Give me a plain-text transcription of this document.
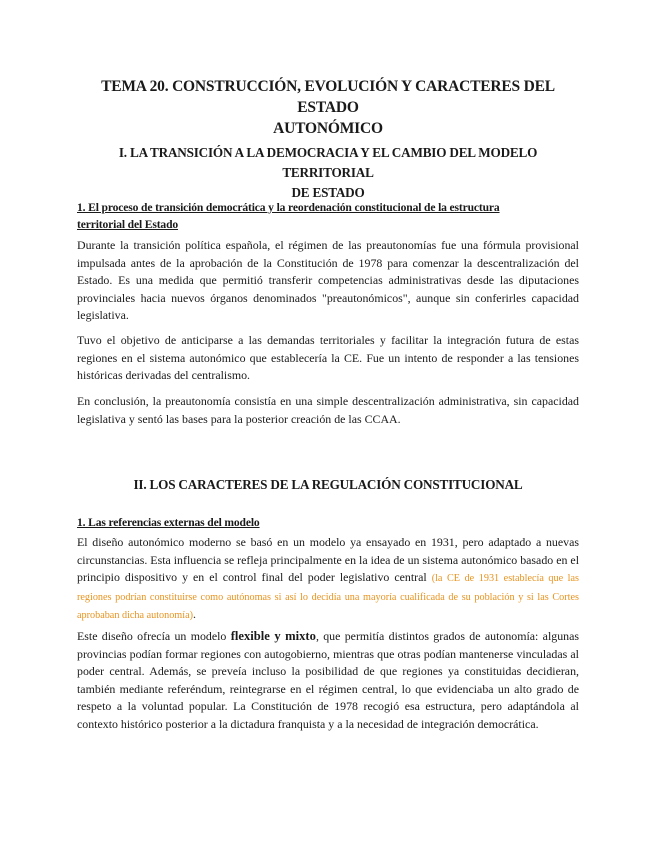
TEMA 20. CONSTRUCCIÓN, EVOLUCIÓN Y CARACTERES DEL ESTADO
AUTONÓMICO
I. LA TRANSICIÓN A LA DEMOCRACIA Y EL CAMBIO DEL MODELO TERRITORIAL
DE ESTADO
1. El proceso de transición democrática y la reordenación constitucional de la estructura
territorial del Estado

Durante la transición política española, el régimen de las preautonomías fue una fórmula provisional impulsada antes de la aprobación de la Constitución de 1978 para comenzar la descentralización del Estado. Es una medida que permitió transferir competencias administrativas desde las diputaciones provinciales hacia nuevos órganos denominados "preautonómicos", aunque sin conferirles capacidad legislativa.

Tuvo el objetivo de anticiparse a las demandas territoriales y facilitar la integración futura de estas regiones en el sistema autonómico que establecería la CE. Fue un intento de responder a las tensiones históricas derivadas del centralismo.

En conclusión, la preautonomía consistía en una simple descentralización administrativa, sin capacidad legislativa y sentó las bases para la posterior creación de las CCAA.

II. LOS CARACTERES DE LA REGULACIÓN CONSTITUCIONAL
1. Las referencias externas del modelo

El diseño autonómico moderno se basó en un modelo ya ensayado en 1931, pero adaptado a nuevas circunstancias. Esta influencia se refleja principalmente en la idea de un sistema autonómico basado en el principio dispositivo y en el control final del poder legislativo central (la CE de 1931 establecía que las regiones podrían constituirse como autónomas si así lo decidía una mayoría cualificada de su población y si las Cortes aprobaban dicha autonomía).

Este diseño ofrecía un modelo flexible y mixto, que permitía distintos grados de autonomía: algunas provincias podían formar regiones con autogobierno, mientras que otras podían mantenerse vinculadas al poder central. Además, se preveía incluso la posibilidad de que regiones ya constituidas decidieran, también mediante referéndum, reintegrarse en el régimen central, lo que evidenciaba un alto grado de respeto a la voluntad popular. La Constitución de 1978 recogió esa estructura, pero adaptándola al contexto histórico posterior a la dictadura franquista y a la necesidad de integración democrática.
